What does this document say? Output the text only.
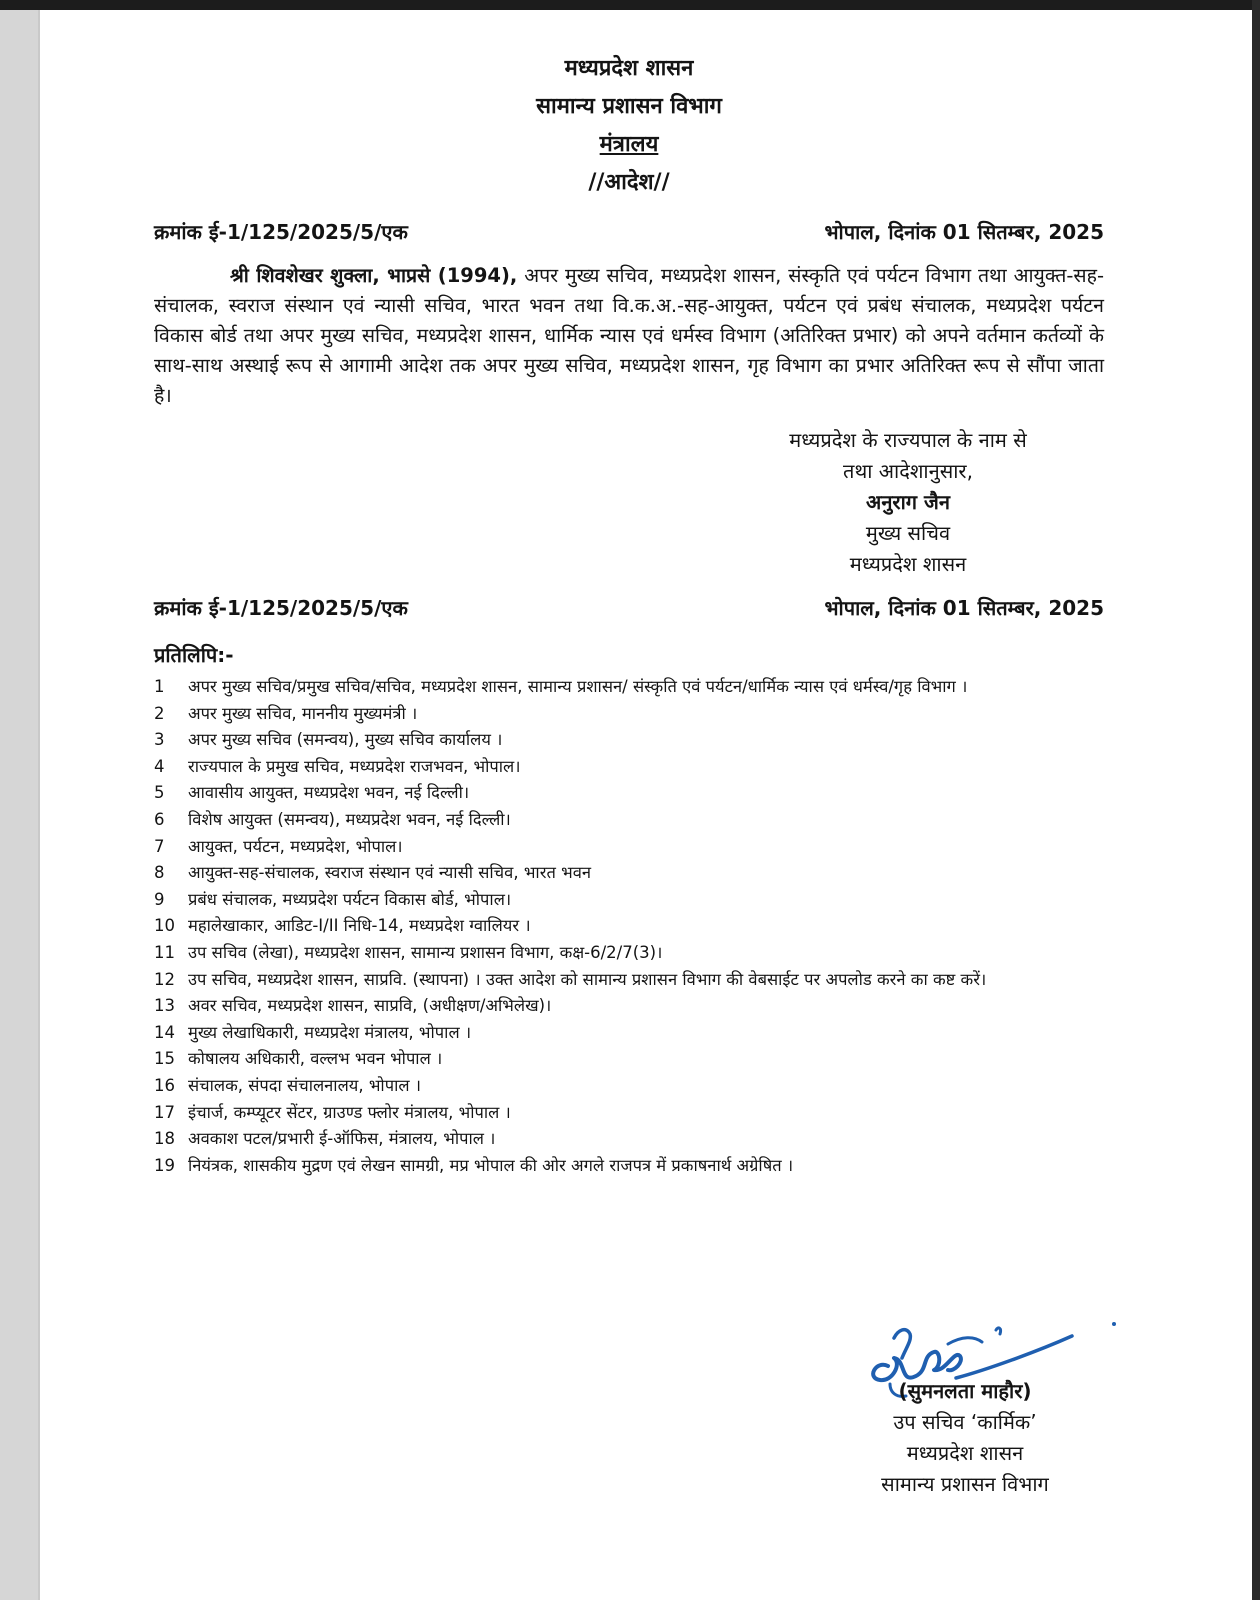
मध्यप्रदेश शासन
सामान्य प्रशासन विभाग
मंत्रालय
//आदेश//
क्रमांक ई-1/125/2025/5/एक	भोपाल, दिनांक 01 सितम्बर, 2025
श्री शिवशेखर शुक्ला, भाप्रसे (1994), अपर मुख्य सचिव, मध्यप्रदेश शासन, संस्कृति एवं पर्यटन विभाग तथा आयुक्त-सह-संचालक, स्वराज संस्थान एवं न्यासी सचिव, भारत भवन तथा वि.क.अ.-सह-आयुक्त, पर्यटन एवं प्रबंध संचालक, मध्यप्रदेश पर्यटन विकास बोर्ड तथा अपर मुख्य सचिव, मध्यप्रदेश शासन, धार्मिक न्यास एवं धर्मस्व विभाग (अतिरिक्त प्रभार) को अपने वर्तमान कर्तव्यों के साथ-साथ अस्थाई रूप से आगामी आदेश तक अपर मुख्य सचिव, मध्यप्रदेश शासन, गृह विभाग का प्रभार अतिरिक्त रूप से सौंपा जाता है।
मध्यप्रदेश के राज्यपाल के नाम से
तथा आदेशानुसार,
अनुराग जैन
मुख्य सचिव
मध्यप्रदेश शासन
क्रमांक ई-1/125/2025/5/एक	भोपाल, दिनांक 01 सितम्बर, 2025
प्रतिलिपि:-
1	अपर मुख्य सचिव/प्रमुख सचिव/सचिव, मध्यप्रदेश शासन, सामान्य प्रशासन/ संस्कृति एवं पर्यटन/धार्मिक न्यास एवं धर्मस्व/गृह विभाग ।
2	अपर मुख्य सचिव, माननीय मुख्यमंत्री ।
3	अपर मुख्य सचिव (समन्वय), मुख्य सचिव कार्यालय ।
4	राज्यपाल के प्रमुख सचिव, मध्यप्रदेश राजभवन, भोपाल।
5	आवासीय आयुक्त, मध्यप्रदेश भवन, नई दिल्ली।
6	विशेष आयुक्त (समन्वय), मध्यप्रदेश भवन, नई दिल्ली।
7	आयुक्त, पर्यटन, मध्यप्रदेश, भोपाल।
8	आयुक्त-सह-संचालक, स्वराज संस्थान एवं न्यासी सचिव, भारत भवन
9	प्रबंध संचालक, मध्यप्रदेश पर्यटन विकास बोर्ड, भोपाल।
10 महालेखाकार, आडिट-I/II निधि-14, मध्यप्रदेश ग्वालियर ।
11 उप सचिव (लेखा), मध्यप्रदेश शासन, सामान्य प्रशासन विभाग, कक्ष-6/2/7(3)।
12 उप सचिव, मध्यप्रदेश शासन, साप्रवि. (स्थापना) । उक्त आदेश को सामान्य प्रशासन विभाग की वेबसाईट पर अपलोड करने का कष्ट करें।
13 अवर सचिव, मध्यप्रदेश शासन, साप्रवि, (अधीक्षण/अभिलेख)।
14 मुख्य लेखाधिकारी, मध्यप्रदेश मंत्रालय, भोपाल ।
15 कोषालय अधिकारी, वल्लभ भवन भोपाल ।
16 संचालक, संपदा संचालनालय, भोपाल ।
17 इंचार्ज, कम्प्यूटर सेंटर, ग्राउण्ड फ्लोर मंत्रालय, भोपाल ।
18 अवकाश पटल/प्रभारी ई-ऑफिस, मंत्रालय, भोपाल ।
19 नियंत्रक, शासकीय मुद्रण एवं लेखन सामग्री, मप्र भोपाल की ओर अगले राजपत्र में प्रकाषनार्थ अग्रेषित ।
(सुमनलता माहौर)
उप सचिव ‘कार्मिक’
मध्यप्रदेश शासन
सामान्य प्रशासन विभाग
